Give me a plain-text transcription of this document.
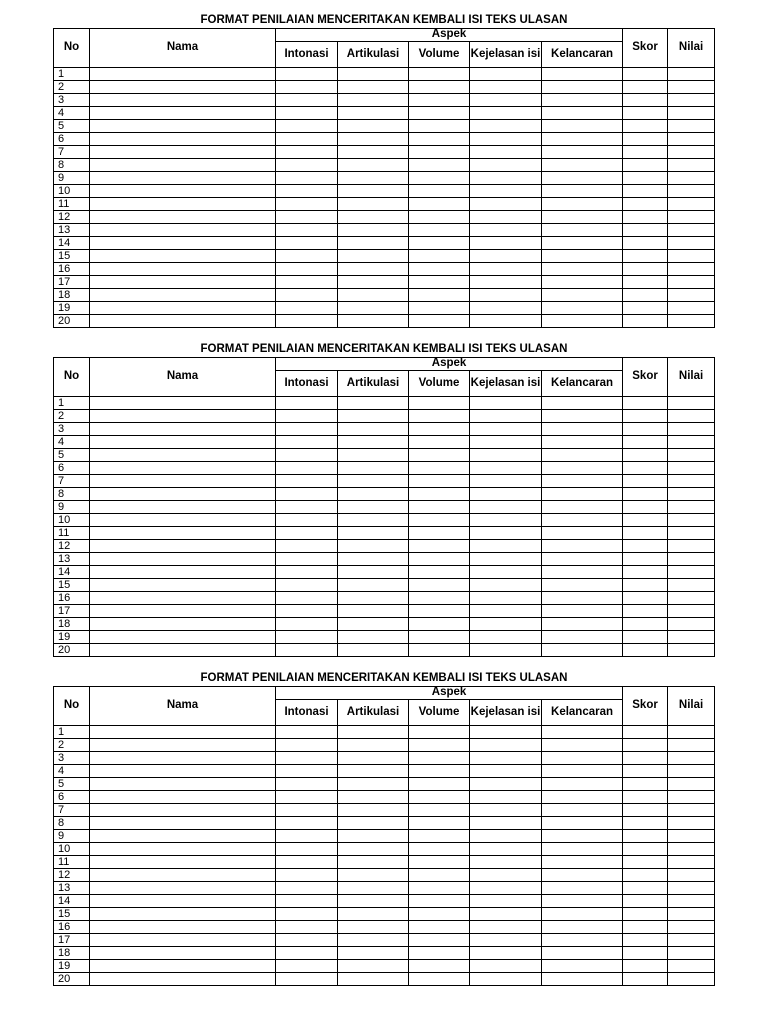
FORMAT PENILAIAN MENCERITAKAN KEMBALI ISI TEKS ULASAN
No	Nama	Aspek					Skor	Nilai
		Intonasi	Artikulasi	Volume	Kejelasan isi	Kelancaran		
1								
2								
3								
4								
5								
6								
7								
8								
9								
10								
11								
12								
13								
14								
15								
16								
17								
18								
19								
20								
FORMAT PENILAIAN MENCERITAKAN KEMBALI ISI TEKS ULASAN
No	Nama	Aspek					Skor	Nilai
		Intonasi	Artikulasi	Volume	Kejelasan isi	Kelancaran		
1								
2								
3								
4								
5								
6								
7								
8								
9								
10								
11								
12								
13								
14								
15								
16								
17								
18								
19								
20								
FORMAT PENILAIAN MENCERITAKAN KEMBALI ISI TEKS ULASAN
No	Nama	Aspek					Skor	Nilai
		Intonasi	Artikulasi	Volume	Kejelasan isi	Kelancaran		
1								
2								
3								
4								
5								
6								
7								
8								
9								
10								
11								
12								
13								
14								
15								
16								
17								
18								
19								
20								
